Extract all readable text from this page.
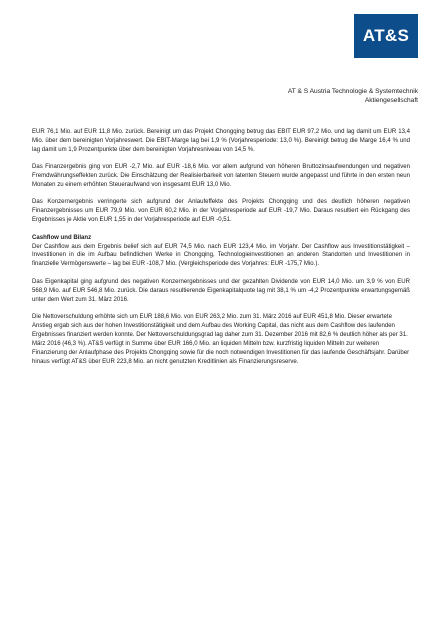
AT&S
AT & S Austria Technologie & Systemtechnik
Aktiengesellschaft

EUR 76,1 Mio. auf EUR 11,8 Mio. zurück. Bereinigt um das Projekt Chongqing betrug das EBIT EUR 97,2 Mio. und lag damit um EUR 13,4 Mio. über dem bereinigten Vorjahreswert. Die EBIT-Marge lag bei 1,9 % (Vorjahresperiode: 13,0 %). Bereinigt betrug die Marge 16,4 % und lag damit um 1,9 Prozentpunkte über dem bereinigten Vorjahresniveau von 14,5 %.

Das Finanzergebnis ging von EUR -2,7 Mio. auf EUR -18,6 Mio. vor allem aufgrund von höheren Bruttozinsaufwendungen und negativen Fremdwährungseffekten zurück. Die Einschätzung der Realisierbarkeit von latenten Steuern wurde angepasst und führte in den ersten neun Monaten zu einem erhöhten Steueraufwand von insgesamt EUR 13,0 Mio.

Das Konzernergebnis verringerte sich aufgrund der Anlaufeffekte des Projekts Chongqing und des deutlich höheren negativen Finanzergebnisses um EUR 79,9 Mio. von EUR 60,2 Mio. in der Vorjahresperiode auf EUR -19,7 Mio. Daraus resultiert ein Rückgang des Ergebnisses je Aktie von EUR 1,55 in der Vorjahresperiode auf EUR -0,51.

Cashflow und Bilanz

Der Cashflow aus dem Ergebnis belief sich auf EUR 74,5 Mio. nach EUR 123,4 Mio. im Vorjahr. Der Cashflow aus Investitionstätigkeit – Investitionen in die im Aufbau befindlichen Werke in Chongqing, Technologieinvestitionen an anderen Standorten und Investitionen in finanzielle Vermögenswerte – lag bei EUR -108,7 Mio. (Vergleichsperiode des Vorjahres: EUR -175,7 Mio.).

Das Eigenkapital ging aufgrund des negativen Konzernergebnisses und der gezahlten Dividende von EUR 14,0 Mio. um 3,9 % von EUR 568,9 Mio. auf EUR 546,8 Mio. zurück. Die daraus resultierende Eigenkapitalquote lag mit 38,1 % um -4,2 Prozentpunkte erwartungsgemäß unter dem Wert zum 31. März 2016.

Die Nettoverschuldung erhöhte sich um EUR 188,6 Mio. von EUR 263,2 Mio. zum 31. März 2016 auf EUR 451,8 Mio. Dieser erwartete Anstieg ergab sich aus der hohen Investitionstätigkeit und dem Aufbau des Working Capital, das nicht aus dem Cashflow des laufenden Ergebnisses finanziert werden konnte. Der Nettoverschuldungsgrad lag daher zum 31. Dezember 2016 mit 82,6 % deutlich höher als per 31. März 2016 (46,3 %). AT&S verfügt in Summe über EUR 166,0 Mio. an liquiden Mitteln bzw. kurzfristig liquiden Mitteln zur weiteren Finanzierung der Anlaufphase des Projekts Chongqing sowie für die noch notwendigen Investitionen für das laufende Geschäftsjahr. Darüber hinaus verfügt AT&S über EUR 223,8 Mio. an nicht genutzten Kreditlinien als Finanzierungsreserve.
